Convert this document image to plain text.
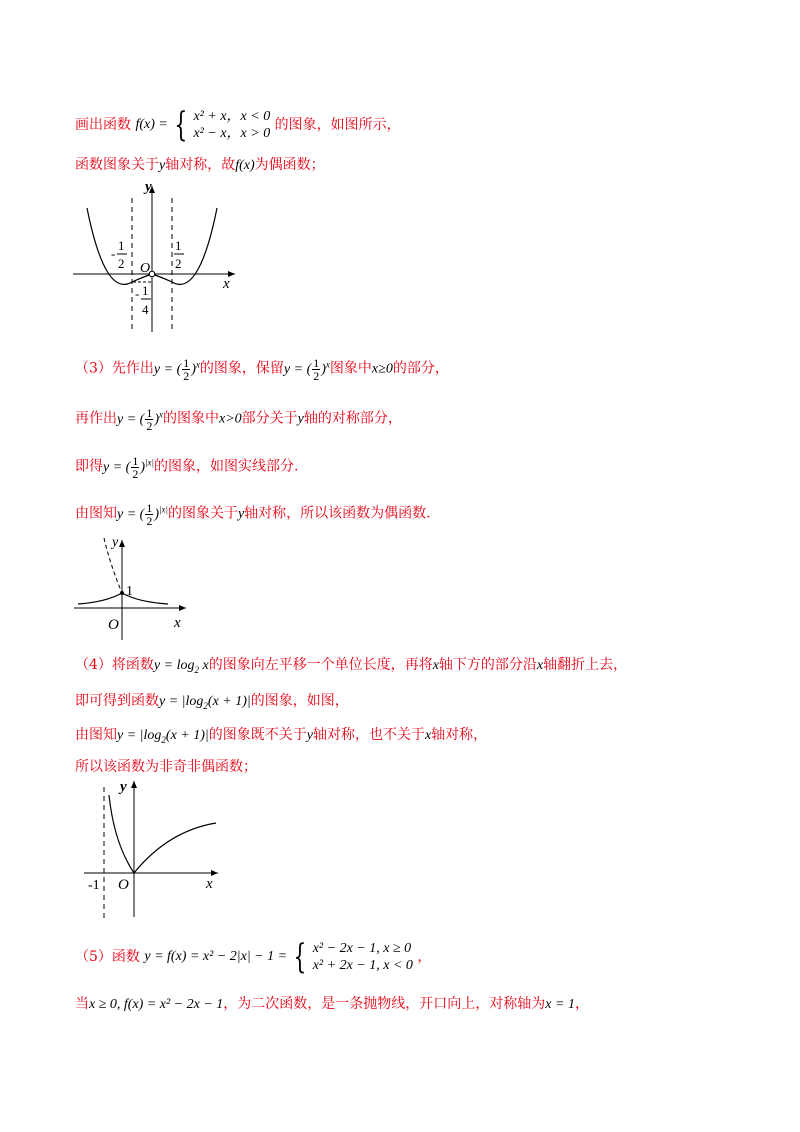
画出函数 f(x) = { x² + x，x < 0
x² − x，x > 0
的图象，如图所示，
函数图象关于y轴对称，故f(x)为偶函数；
y
x
O
-
1
2
1
2
- 1
4
（3）先作出y = ( $\frac{1}{2} )^x$的图象，保留y = ( $\frac{1}{2} )^x$图象中x≥0的部分，
再作出y = ( $\frac{1}{2} )^x$的图象中x>0部分关于y轴的对称部分，
即得y = ( $\frac{1}{2} )^{|x|}$的图象，如图实线部分.
由图知y = ( $\frac{1}{2} )^{|x|}$的图象关于y轴对称，所以该函数为偶函数.
y
x
O
1
（4）将函数$y = \log_2 x$的图象向左平移一个单位长度，再将x轴下方的部分沿x轴翻折上去，
即可得到函数$y = |\log_2(x + 1)|$的图象，如图，
由图知$y = |\log_2(x + 1)|$的图象既不关于y轴对称，也不关于x轴对称，
所以该函数为非奇非偶函数；
y
x
O
-1
（5）函数 y = f(x) = x² − 2|x| − 1 = { x² − 2x − 1, x ≥ 0
x² + 2x − 1, x < 0
，
当x ≥ 0, f(x) = x² − 2x − 1，为二次函数，是一条抛物线，开口向上，对称轴为x = 1，
